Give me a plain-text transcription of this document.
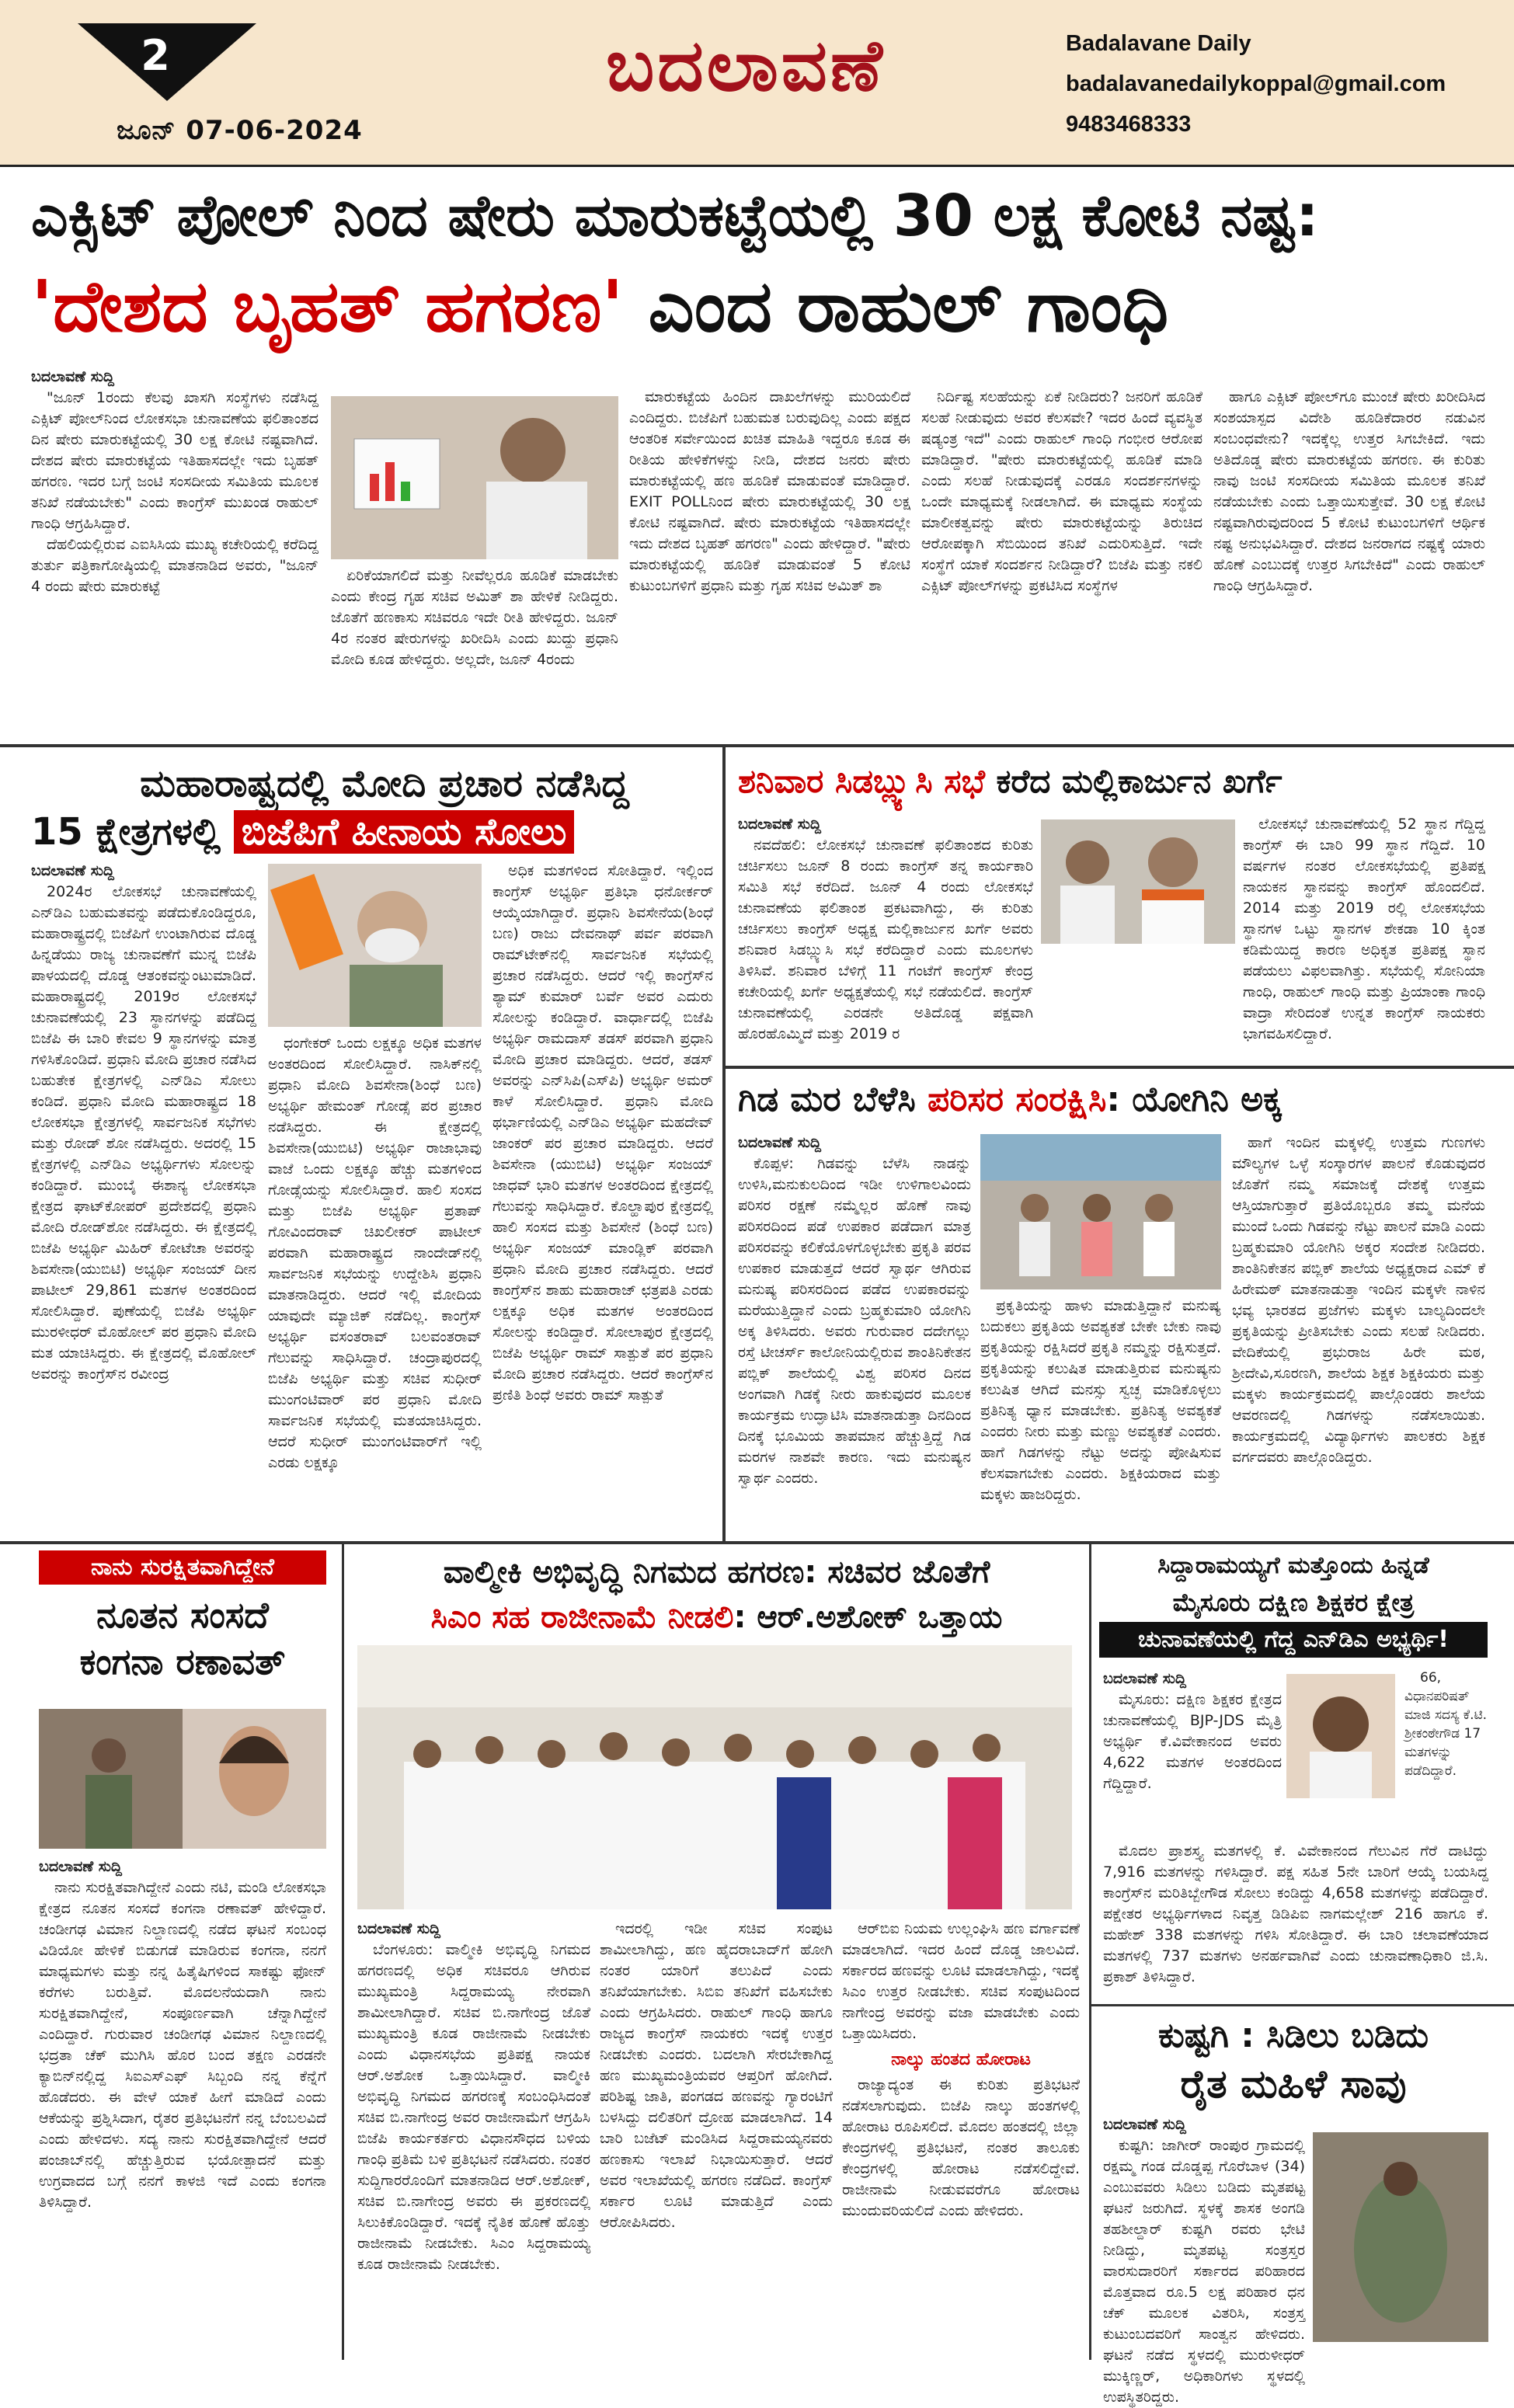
2
ಜೂನ್ 07-06-2024
ಬದಲಾವಣೆ	Badalavane Daily
badalavanedailykoppal@gmail.com
9483468333
ಎಕ್ಸಿಟ್ ಪೋಲ್ ನಿಂದ ಷೇರು ಮಾರುಕಟ್ಟೆಯಲ್ಲಿ 30 ಲಕ್ಷ ಕೋಟಿ ನಷ್ಟ:
'ದೇಶದ ಬೃಹತ್ ಹಗರಣ' ಎಂದ ರಾಹುಲ್ ಗಾಂಧಿ
ಬದಲಾವಣೆ ಸುದ್ದಿ

"ಜೂನ್ 1ರಂದು ಕೆಲವು ಖಾಸಗಿ ಸಂಸ್ಥೆಗಳು ನಡೆಸಿದ್ದ ಎಕ್ಸಿಟ್ ಪೋಲ್‌ನಿಂದ ಲೋಕಸಭಾ ಚುನಾವಣೆಯ ಫಲಿತಾಂಶದ ದಿನ ಷೇರು ಮಾರುಕಟ್ಟೆಯಲ್ಲಿ 30 ಲಕ್ಷ ಕೋಟಿ ನಷ್ಟವಾಗಿದೆ. ದೇಶದ ಷೇರು ಮಾರುಕಟ್ಟೆಯ ಇತಿಹಾಸದಲ್ಲೇ ಇದು ಬೃಹತ್ ಹಗರಣ. ಇದರ ಬಗ್ಗೆ ಜಂಟಿ ಸಂಸದೀಯ ಸಮಿತಿಯ ಮೂಲಕ ತನಿಖೆ ನಡೆಯಬೇಕು" ಎಂದು ಕಾಂಗ್ರೆಸ್ ಮುಖಂಡ ರಾಹುಲ್ ಗಾಂಧಿ ಆಗ್ರಹಿಸಿದ್ದಾರೆ.

ದೆಹಲಿಯಲ್ಲಿರುವ ಎಐಸಿಸಿಯ ಮುಖ್ಯ ಕಚೇರಿಯಲ್ಲಿ ಕರೆದಿದ್ದ ತುರ್ತು ಪತ್ರಿಕಾಗೋಷ್ಠಿಯಲ್ಲಿ ಮಾತನಾಡಿದ ಅವರು, "ಜೂನ್ 4 ರಂದು ಷೇರು ಮಾರುಕಟ್ಟೆ

ಏರಿಕೆಯಾಗಲಿದೆ ಮತ್ತು ನೀವೆಲ್ಲರೂ ಹೂಡಿಕೆ ಮಾಡಬೇಕು ಎಂದು ಕೇಂದ್ರ ಗೃಹ ಸಚಿವ ಅಮಿತ್ ಶಾ ಹೇಳಿಕೆ ನೀಡಿದ್ದರು. ಜೊತೆಗೆ ಹಣಕಾಸು ಸಚಿವರೂ ಇದೇ ರೀತಿ ಹೇಳಿದ್ದರು. ಜೂನ್ 4ರ ನಂತರ ಷೇರುಗಳನ್ನು ಖರೀದಿಸಿ ಎಂದು ಖುದ್ದು ಪ್ರಧಾನಿ ಮೋದಿ ಕೂಡ ಹೇಳಿದ್ದರು. ಅಲ್ಲದೇ, ಜೂನ್ 4ರಂದು

ಮಾರುಕಟ್ಟೆಯ ಹಿಂದಿನ ದಾಖಲೆಗಳನ್ನು ಮುರಿಯಲಿದೆ ಎಂದಿದ್ದರು. ಬಿಜೆಪಿಗೆ ಬಹುಮತ ಬರುವುದಿಲ್ಲ ಎಂದು ಪಕ್ಷದ ಆಂತರಿಕ ಸರ್ವೇಯಿಂದ ಖಚಿತ ಮಾಹಿತಿ ಇದ್ದರೂ ಕೂಡ ಈ ರೀತಿಯ ಹೇಳಿಕೆಗಳನ್ನು ನೀಡಿ, ದೇಶದ ಜನರು ಷೇರು ಮಾರುಕಟ್ಟೆಯಲ್ಲಿ ಹಣ ಹೂಡಿಕೆ ಮಾಡುವಂತೆ ಮಾಡಿದ್ದಾರೆ. EXIT POLLನಿಂದ ಷೇರು ಮಾರುಕಟ್ಟೆಯಲ್ಲಿ 30 ಲಕ್ಷ ಕೋಟಿ ನಷ್ಟವಾಗಿದೆ. ಷೇರು ಮಾರುಕಟ್ಟೆಯ ಇತಿಹಾಸದಲ್ಲೇ ಇದು ದೇಶದ ಬೃಹತ್ ಹಗರಣ" ಎಂದು ಹೇಳಿದ್ದಾರೆ. "ಷೇರು ಮಾರುಕಟ್ಟೆಯಲ್ಲಿ ಹೂಡಿಕೆ ಮಾಡುವಂತೆ 5 ಕೋಟಿ ಕುಟುಂಬಗಳಿಗೆ ಪ್ರಧಾನಿ ಮತ್ತು ಗೃಹ ಸಚಿವ ಅಮಿತ್ ಶಾ

ನಿರ್ದಿಷ್ಟ ಸಲಹೆಯನ್ನು ಏಕೆ ನೀಡಿದರು? ಜನರಿಗೆ ಹೂಡಿಕೆ ಸಲಹೆ ನೀಡುವುದು ಅವರ ಕೆಲಸವೇ? ಇದರ ಹಿಂದೆ ವ್ಯವಸ್ಥಿತ ಷಡ್ಯಂತ್ರ ಇದೆ" ಎಂದು ರಾಹುಲ್ ಗಾಂಧಿ ಗಂಭೀರ ಆರೋಪ ಮಾಡಿದ್ದಾರೆ. "ಷೇರು ಮಾರುಕಟ್ಟೆಯಲ್ಲಿ ಹೂಡಿಕೆ ಮಾಡಿ ಎಂದು ಸಲಹೆ ನೀಡುವುದಕ್ಕೆ ಎರಡೂ ಸಂದರ್ಶನಗಳನ್ನು ಒಂದೇ ಮಾಧ್ಯಮಕ್ಕೆ ನೀಡಲಾಗಿದೆ. ಈ ಮಾಧ್ಯಮ ಸಂಸ್ಥೆಯ ಮಾಲೀಕತ್ವವನ್ನು ಷೇರು ಮಾರುಕಟ್ಟೆಯನ್ನು ತಿರುಚಿದ ಆರೋಪಕ್ಕಾಗಿ ಸೆಬಿಯಿಂದ ತನಿಖೆ ಎದುರಿಸುತ್ತಿದೆ. ಇದೇ ಸಂಸ್ಥೆಗೆ ಯಾಕೆ ಸಂದರ್ಶನ ನೀಡಿದ್ದಾರೆ? ಬಿಜೆಪಿ ಮತ್ತು ನಕಲಿ ಎಕ್ಸಿಟ್ ಪೋಲ್‌ಗಳನ್ನು ಪ್ರಕಟಿಸಿದ ಸಂಸ್ಥೆಗಳ

ಹಾಗೂ ಎಕ್ಸಿಟ್ ಪೋಲ್‌ಗೂ ಮುಂಚೆ ಷೇರು ಖರೀದಿಸಿದ ಸಂಶಯಾಸ್ಪದ ವಿದೇಶಿ ಹೂಡಿಕೆದಾರರ ನಡುವಿನ ಸಂಬಂಧವೇನು? ಇದಕ್ಕೆಲ್ಲ ಉತ್ತರ ಸಿಗಬೇಕಿದೆ. ಇದು ಅತಿದೊಡ್ಡ ಷೇರು ಮಾರುಕಟ್ಟೆಯ ಹಗರಣ. ಈ ಕುರಿತು ನಾವು ಜಂಟಿ ಸಂಸದೀಯ ಸಮಿತಿಯ ಮೂಲಕ ತನಿಖೆ ನಡೆಯಬೇಕು ಎಂದು ಒತ್ತಾಯಿಸುತ್ತೇವೆ. 30 ಲಕ್ಷ ಕೋಟಿ ನಷ್ಟವಾಗಿರುವುದರಿಂದ 5 ಕೋಟಿ ಕುಟುಂಬಗಳಿಗೆ ಆರ್ಥಿಕ ನಷ್ಟ ಅನುಭವಿಸಿದ್ದಾರೆ. ದೇಶದ ಜನರಾಗದ ನಷ್ಟಕ್ಕೆ ಯಾರು ಹೊಣೆ ಎಂಬುದಕ್ಕೆ ಉತ್ತರ ಸಿಗಬೇಕಿದೆ" ಎಂದು ರಾಹುಲ್ ಗಾಂಧಿ ಆಗ್ರಹಿಸಿದ್ದಾರೆ.

ಮಹಾರಾಷ್ಟ್ರದಲ್ಲಿ ಮೋದಿ ಪ್ರಚಾರ ನಡೆಸಿದ್ದ
15 ಕ್ಷೇತ್ರಗಳಲ್ಲಿ ಬಿಜೆಪಿಗೆ ಹೀನಾಯ ಸೋಲು
ಬದಲಾವಣೆ ಸುದ್ದಿ

2024ರ ಲೋಕಸಭೆ ಚುನಾವಣೆಯಲ್ಲಿ ಎನ್‌ಡಿಎ ಬಹುಮತವನ್ನು ಪಡೆದುಕೊಂಡಿದ್ದರೂ, ಮಹಾರಾಷ್ಟ್ರದಲ್ಲಿ ಬಿಜೆಪಿಗೆ ಉಂಟಾಗಿರುವ ದೊಡ್ಡ ಹಿನ್ನಡೆಯು ರಾಜ್ಯ ಚುನಾವಣೆಗೆ ಮುನ್ನ ಬಿಜೆಪಿ ಪಾಳಯದಲ್ಲಿ ದೊಡ್ಡ ಆತಂಕವನ್ನುಂಟುಮಾಡಿದೆ. ಮಹಾರಾಷ್ಟ್ರದಲ್ಲಿ 2019ರ ಲೋಕಸಭೆ ಚುನಾವಣೆಯಲ್ಲಿ 23 ಸ್ಥಾನಗಳನ್ನು ಪಡೆದಿದ್ದ ಬಿಜೆಪಿ ಈ ಬಾರಿ ಕೇವಲ 9 ಸ್ಥಾನಗಳನ್ನು ಮಾತ್ರ ಗಳಿಸಿಕೊಂಡಿದೆ. ಪ್ರಧಾನಿ ಮೋದಿ ಪ್ರಚಾರ ನಡೆಸಿದ ಬಹುತೇಕ ಕ್ಷೇತ್ರಗಳಲ್ಲಿ ಎನ್‌ಡಿಎ ಸೋಲು ಕಂಡಿದೆ. ಪ್ರಧಾನಿ ಮೋದಿ ಮಹಾರಾಷ್ಟ್ರದ 18 ಲೋಕಸಭಾ ಕ್ಷೇತ್ರಗಳಲ್ಲಿ ಸಾರ್ವಜನಿಕ ಸಭೆಗಳು ಮತ್ತು ರೋಡ್ ಶೋ ನಡೆಸಿದ್ದರು. ಅದರಲ್ಲಿ 15 ಕ್ಷೇತ್ರಗಳಲ್ಲಿ ಎನ್‌ಡಿಎ ಅಭ್ಯರ್ಥಿಗಳು ಸೋಲನ್ನು ಕಂಡಿದ್ದಾರೆ. ಮುಂಬೈ ಈಶಾನ್ಯ ಲೋಕಸಭಾ ಕ್ಷೇತ್ರದ ಘಾಟ್‌ಕೋಪರ್ ಪ್ರದೇಶದಲ್ಲಿ ಪ್ರಧಾನಿ ಮೋದಿ ರೋಡ್‌ಶೋ ನಡೆಸಿದ್ದರು. ಈ ಕ್ಷೇತ್ರದಲ್ಲಿ ಬಿಜೆಪಿ ಅಭ್ಯರ್ಥಿ ಮಿಹಿರ್ ಕೋಟೆಚಾ ಅವರನ್ನು ಶಿವಸೇನಾ(ಯುಬಿಟಿ) ಅಭ್ಯರ್ಥಿ ಸಂಜಯ್ ದೀನ ಪಾಟೀಲ್ 29,861 ಮತಗಳ ಅಂತರದಿಂದ ಸೋಲಿಸಿದ್ದಾರೆ. ಪುಣೆಯಲ್ಲಿ ಬಿಜೆಪಿ ಅಭ್ಯರ್ಥಿ ಮುರಳೀಧರ್ ಮೊಹೋಲ್ ಪರ ಪ್ರಧಾನಿ ಮೋದಿ ಮತ ಯಾಚಿಸಿದ್ದರು. ಈ ಕ್ಷೇತ್ರದಲ್ಲಿ ಮೊಹೋಲ್ ಅವರನ್ನು ಕಾಂಗ್ರೆಸ್‌ನ ರವೀಂದ್ರ

ಧಂಗೇಕರ್ ಒಂದು ಲಕ್ಷಕ್ಕೂ ಅಧಿಕ ಮತಗಳ ಅಂತರದಿಂದ ಸೋಲಿಸಿದ್ದಾರೆ. ನಾಸಿಕ್‌ನಲ್ಲಿ ಪ್ರಧಾನಿ ಮೋದಿ ಶಿವಸೇನಾ(ಶಿಂಧೆ ಬಣ) ಅಭ್ಯರ್ಥಿ ಹೇಮಂತ್ ಗೋಡ್ಸೆ ಪರ ಪ್ರಚಾರ ನಡೆಸಿದ್ದರು. ಈ ಕ್ಷೇತ್ರದಲ್ಲಿ ಶಿವಸೇನಾ(ಯುಬಿಟಿ) ಅಭ್ಯರ್ಥಿ ರಾಜಾಭಾವು ವಾಜೆ ಒಂದು ಲಕ್ಷಕ್ಕೂ ಹೆಚ್ಚು ಮತಗಳಿಂದ ಗೋಡ್ಸೆಯನ್ನು ಸೋಲಿಸಿದ್ದಾರೆ. ಹಾಲಿ ಸಂಸದ ಮತ್ತು ಬಿಜೆಪಿ ಅಭ್ಯರ್ಥಿ ಪ್ರತಾಪ್ ಗೋವಿಂದರಾವ್ ಚಿಖಲೀಕರ್ ಪಾಟೀಲ್ ಪರವಾಗಿ ಮಹಾರಾಷ್ಟ್ರದ ನಾಂದೇಡ್‌ನಲ್ಲಿ ಸಾರ್ವಜನಿಕ ಸಭೆಯನ್ನು ಉದ್ದೇಶಿಸಿ ಪ್ರಧಾನಿ ಮಾತನಾಡಿದ್ದರು. ಆದರೆ ಇಲ್ಲಿ ಮೋದಿಯ ಯಾವುದೇ ಮ್ಯಾಜಿಕ್ ನಡೆದಿಲ್ಲ. ಕಾಂಗ್ರೆಸ್ ಅಭ್ಯರ್ಥಿ ವಸಂತರಾವ್ ಬಲವಂತರಾವ್ ಗೆಲುವನ್ನು ಸಾಧಿಸಿದ್ದಾರೆ. ಚಂದ್ರಾಪುರದಲ್ಲಿ ಬಿಜೆಪಿ ಅಭ್ಯರ್ಥಿ ಮತ್ತು ಸಚಿವ ಸುಧೀರ್ ಮುಂಗಂಟಿವಾರ್ ಪರ ಪ್ರಧಾನಿ ಮೋದಿ ಸಾರ್ವಜನಿಕ ಸಭೆಯಲ್ಲಿ ಮತಯಾಚಿಸಿದ್ದರು. ಆದರೆ ಸುಧೀರ್ ಮುಂಗಂಟಿವಾರ್‌ಗೆ ಇಲ್ಲಿ ಎರಡು ಲಕ್ಷಕ್ಕೂ

ಅಧಿಕ ಮತಗಳಿಂದ ಸೋತಿದ್ದಾರೆ. ಇಲ್ಲಿಂದ ಕಾಂಗ್ರೆಸ್ ಅಭ್ಯರ್ಥಿ ಪ್ರತಿಭಾ ಧನೋರ್ಕರ್ ಆಯ್ಕೆಯಾಗಿದ್ದಾರೆ. ಪ್ರಧಾನಿ ಶಿವಸೇನೆಯ(ಶಿಂಧೆ ಬಣ) ರಾಜು ದೇವನಾಥ್ ಪರ್ವ ಪರವಾಗಿ ರಾಮ್‌ಟೇಕ್‌ನಲ್ಲಿ ಸಾರ್ವಜನಿಕ ಸಭೆಯಲ್ಲಿ ಪ್ರಚಾರ ನಡೆಸಿದ್ದರು. ಆದರೆ ಇಲ್ಲಿ ಕಾಂಗ್ರೆಸ್‌ನ ಶ್ಯಾಮ್ ಕುಮಾರ್ ಬರ್ವೆ ಅವರ ಎದುರು ಸೋಲನ್ನು ಕಂಡಿದ್ದಾರೆ. ವಾರ್ಧಾದಲ್ಲಿ ಬಿಜೆಪಿ ಅಭ್ಯರ್ಥಿ ರಾಮದಾಸ್ ತಡಸ್ ಪರವಾಗಿ ಪ್ರಧಾನಿ ಮೋದಿ ಪ್ರಚಾರ ಮಾಡಿದ್ದರು. ಆದರೆ, ತಡಸ್ ಅವರನ್ನು ಎನ್‌ಸಿಪಿ(ಎಸ್‌ಪಿ) ಅಭ್ಯರ್ಥಿ ಅಮರ್ ಕಾಳೆ ಸೋಲಿಸಿದ್ದಾರೆ. ಪ್ರಧಾನಿ ಮೋದಿ ಥರ್ಭಾಣಿಯಲ್ಲಿ ಎನ್‌ಡಿಎ ಅಭ್ಯರ್ಥಿ ಮಹದೇವ್ ಜಾಂಕರ್ ಪರ ಪ್ರಚಾರ ಮಾಡಿದ್ದರು. ಆದರೆ ಶಿವಸೇನಾ (ಯುಬಿಟಿ) ಅಭ್ಯರ್ಥಿ ಸಂಜಯ್ ಜಾಧವ್ ಭಾರಿ ಮತಗಳ ಅಂತರದಿಂದ ಕ್ಷೇತ್ರದಲ್ಲಿ ಗೆಲುವನ್ನು ಸಾಧಿಸಿದ್ದಾರೆ. ಕೊಲ್ಹಾಪುರ ಕ್ಷೇತ್ರದಲ್ಲಿ ಹಾಲಿ ಸಂಸದ ಮತ್ತು ಶಿವಸೇನೆ (ಶಿಂಧೆ ಬಣ) ಅಭ್ಯರ್ಥಿ ಸಂಜಯ್ ಮಾಂಡ್ಲಿಕ್ ಪರವಾಗಿ ಪ್ರಧಾನಿ ಮೋದಿ ಪ್ರಚಾರ ನಡೆಸಿದ್ದರು. ಆದರೆ ಕಾಂಗ್ರೆಸ್‌ನ ಶಾಹು ಮಹಾರಾಜ್ ಛತ್ರಪತಿ ಎರಡು ಲಕ್ಷಕ್ಕೂ ಅಧಿಕ ಮತಗಳ ಅಂತರದಿಂದ ಸೋಲನ್ನು ಕಂಡಿದ್ದಾರೆ. ಸೋಲಾಪುರ ಕ್ಷೇತ್ರದಲ್ಲಿ ಬಿಜೆಪಿ ಅಭ್ಯರ್ಥಿ ರಾಮ್ ಸಾತ್ಪುತೆ ಪರ ಪ್ರಧಾನಿ ಮೋದಿ ಪ್ರಚಾರ ನಡೆಸಿದ್ದರು. ಆದರೆ ಕಾಂಗ್ರೆಸ್‌ನ ಪ್ರಣಿತಿ ಶಿಂಧೆ ಅವರು ರಾಮ್ ಸಾತ್ಪುತೆ

ಶನಿವಾರ ಸಿಡಬ್ಲ್ಯುಸಿ ಸಭೆ ಕರೆದ ಮಲ್ಲಿಕಾರ್ಜುನ ಖರ್ಗೆ
ಬದಲಾವಣೆ ಸುದ್ದಿ

ನವದೆಹಲಿ: ಲೋಕಸಭೆ ಚುನಾವಣೆ ಫಲಿತಾಂಶದ ಕುರಿತು ಚರ್ಚಿಸಲು ಜೂನ್ 8 ರಂದು ಕಾಂಗ್ರೆಸ್ ತನ್ನ ಕಾರ್ಯಕಾರಿ ಸಮಿತಿ ಸಭೆ ಕರೆದಿದೆ. ಜೂನ್ 4 ರಂದು ಲೋಕಸಭೆ ಚುನಾವಣೆಯ ಫಲಿತಾಂಶ ಪ್ರಕಟವಾಗಿದ್ದು, ಈ ಕುರಿತು ಚರ್ಚಿಸಲು ಕಾಂಗ್ರೆಸ್ ಅಧ್ಯಕ್ಷ ಮಲ್ಲಿಕಾರ್ಜುನ ಖರ್ಗೆ ಅವರು ಶನಿವಾರ ಸಿಡಬ್ಲ್ಯುಸಿ ಸಭೆ ಕರೆದಿದ್ದಾರೆ ಎಂದು ಮೂಲಗಳು ತಿಳಿಸಿವೆ. ಶನಿವಾರ ಬೆಳಿಗ್ಗೆ 11 ಗಂಟೆಗೆ ಕಾಂಗ್ರೆಸ್ ಕೇಂದ್ರ ಕಚೇರಿಯಲ್ಲಿ ಖರ್ಗೆ ಅಧ್ಯಕ್ಷತೆಯಲ್ಲಿ ಸಭೆ ನಡೆಯಲಿದೆ. ಕಾಂಗ್ರೆಸ್ ಚುನಾವಣೆಯಲ್ಲಿ ಎರಡನೇ ಅತಿದೊಡ್ಡ ಪಕ್ಷವಾಗಿ ಹೊರಹೊಮ್ಮಿದೆ ಮತ್ತು 2019 ರ

ಲೋಕಸಭೆ ಚುನಾವಣೆಯಲ್ಲಿ 52 ಸ್ಥಾನ ಗೆದ್ದಿದ್ದ ಕಾಂಗ್ರೆಸ್ ಈ ಬಾರಿ 99 ಸ್ಥಾನ ಗೆದ್ದಿದೆ. 10 ವರ್ಷಗಳ ನಂತರ ಲೋಕಸಭೆಯಲ್ಲಿ ಪ್ರತಿಪಕ್ಷ ನಾಯಕನ ಸ್ಥಾನವನ್ನು ಕಾಂಗ್ರೆಸ್ ಹೊಂದಲಿದೆ. 2014 ಮತ್ತು 2019 ರಲ್ಲಿ ಲೋಕಸಭೆಯ ಸ್ಥಾನಗಳ ಒಟ್ಟು ಸ್ಥಾನಗಳ ಶೇಕಡಾ 10 ಕ್ಕಿಂತ ಕಡಿಮೆಯಿದ್ದ ಕಾರಣ ಅಧಿಕೃತ ಪ್ರತಿಪಕ್ಷ ಸ್ಥಾನ ಪಡೆಯಲು ವಿಫಲವಾಗಿತ್ತು. ಸಭೆಯಲ್ಲಿ ಸೋನಿಯಾ ಗಾಂಧಿ, ರಾಹುಲ್ ಗಾಂಧಿ ಮತ್ತು ಪ್ರಿಯಾಂಕಾ ಗಾಂಧಿ ವಾದ್ರಾ ಸೇರಿದಂತೆ ಉನ್ನತ ಕಾಂಗ್ರೆಸ್ ನಾಯಕರು ಭಾಗವಹಿಸಲಿದ್ದಾರೆ.

ಗಿಡ ಮರ ಬೆಳೆಸಿ ಪರಿಸರ ಸಂರಕ್ಷಿಸಿ: ಯೋಗಿನಿ ಅಕ್ಕ
ಬದಲಾವಣೆ ಸುದ್ದಿ

ಕೊಪ್ಪಳ: ಗಿಡವನ್ನು ಬೆಳೆಸಿ ನಾಡನ್ನು ಉಳಿಸಿ,ಮನುಕುಲದಿಂದ ಇಡೀ ಉಳಿಗಾಲವಿಂದು ಪರಿಸರ ರಕ್ಷಣೆ ನಮ್ಮೆಲ್ಲರ ಹೊಣೆ ನಾವು ಪರಿಸರದಿಂದ ಪಡೆ ಉಪಕಾರ ಪಡೆದಾಗ ಮಾತ್ರ ಪರಿಸರವನ್ನು ಕಲಿಕೆಯೊಳಗೊಳ್ಳಬೇಕು ಪ್ರಕೃತಿ ಪರವ ಉಪಕಾರ ಮಾಡುತ್ತದೆ ಆದರೆ ಸ್ವಾರ್ಥ ಆಗಿರುವ ಮನುಷ್ಯ ಪರಿಸರದಿಂದ ಪಡೆದ ಉಪಕಾರವನ್ನು ಮರೆಯುತ್ತಿದ್ದಾನೆ ಎಂದು ಬ್ರಹ್ಮಕುಮಾರಿ ಯೋಗಿನಿ ಅಕ್ಕ ತಿಳಿಸಿದರು. ಅವರು ಗುರುವಾರ ದದೇಗಲ್ಲು ರಸ್ತೆ ಟೀಚರ್ಸ್ ಕಾಲೋನಿಯಲ್ಲಿರುವ ಶಾಂತಿನಿಕೇತನ ಪಬ್ಲಿಕ್ ಶಾಲೆಯಲ್ಲಿ ವಿಶ್ವ ಪರಿಸರ ದಿನದ ಅಂಗವಾಗಿ ಗಿಡಕ್ಕೆ ನೀರು ಹಾಕುವುದರ ಮೂಲಕ ಕಾರ್ಯಕ್ರಮ ಉದ್ಘಾಟಿಸಿ ಮಾತನಾಡುತ್ತಾ ದಿನದಿಂದ ದಿನಕ್ಕೆ ಭೂಮಿಯ ತಾಪಮಾನ ಹೆಚ್ಚುತ್ತಿದ್ದೆ ಗಿಡ ಮರಗಳ ನಾಶವೇ ಕಾರಣ. ಇದು ಮನುಷ್ಯನ ಸ್ವಾರ್ಥ ಎಂದರು.

ಪ್ರಕೃತಿಯನ್ನು ಹಾಳು ಮಾಡುತ್ತಿದ್ದಾನೆ ಮನುಷ್ಯ ಬದುಕಲು ಪ್ರಕೃತಿಯ ಅವಶ್ಯಕತೆ ಬೇಕೇ ಬೇಕು ನಾವು ಪ್ರಕೃತಿಯನ್ನು ರಕ್ಷಿಸಿದರೆ ಪ್ರಕೃತಿ ನಮ್ಮನ್ನು ರಕ್ಷಿಸುತ್ತದೆ. ಪ್ರಕೃತಿಯನ್ನು ಕಲುಷಿತ ಮಾಡುತ್ತಿರುವ ಮನುಷ್ಯನು ಕಲುಷಿತ ಆಗಿದೆ ಮನಸ್ಸು ಸ್ವಚ್ಛ ಮಾಡಿಕೊಳ್ಳಲು ಪ್ರತಿನಿತ್ಯ ಧ್ಯಾನ ಮಾಡಬೇಕು. ಪ್ರತಿನಿತ್ಯ ಅವಶ್ಯಕತೆ ಎಂದರು ನೀರು ಮತ್ತು ಮಣ್ಣು ಅವಶ್ಯಕತೆ ಎಂದರು. ಹಾಗೆ ಗಿಡಗಳನ್ನು ನೆಟ್ಟು ಅದನ್ನು ಪೋಷಿಸುವ ಕೆಲಸವಾಗಬೇಕು ಎಂದರು. ಶಿಕ್ಷಕಿಯರಾದ ಮತ್ತು ಮಕ್ಕಳು ಹಾಜರಿದ್ದರು.

ಹಾಗೆ ಇಂದಿನ ಮಕ್ಕಳಲ್ಲಿ ಉತ್ತಮ ಗುಣಗಳು ಮೌಲ್ಯಗಳ ಒಳ್ಳೆ ಸಂಸ್ಕಾರಗಳ ಪಾಲನೆ ಕೊಡುವುದರ ಜೊತೆಗೆ ನಮ್ಮ ಸಮಾಜಕ್ಕೆ ದೇಶಕ್ಕೆ ಉತ್ತಮ ಆಸ್ತಿಯಾಗುತ್ತಾರೆ ಪ್ರತಿಯೊಬ್ಬರೂ ತಮ್ಮ ಮನೆಯ ಮುಂದೆ ಒಂದು ಗಿಡವನ್ನು ನೆಟ್ಟು ಪಾಲನೆ ಮಾಡಿ ಎಂದು ಬ್ರಹ್ಮಕುಮಾರಿ ಯೋಗಿನಿ ಅಕ್ಕರ ಸಂದೇಶ ನೀಡಿದರು. ಶಾಂತಿನಿಕೇತನ ಪಬ್ಲಿಕ್ ಶಾಲೆಯ ಅಧ್ಯಕ್ಷರಾದ ಎಮ್ ಕೆ ಹಿರೇಮಠ್ ಮಾತನಾಡುತ್ತಾ ಇಂದಿನ ಮಕ್ಕಳೇ ನಾಳಿನ ಭವ್ಯ ಭಾರತದ ಪ್ರಜೆಗಳು ಮಕ್ಕಳು ಬಾಲ್ಯದಿಂದಲೇ ಪ್ರಕೃತಿಯನ್ನು ಪ್ರೀತಿಸಬೇಕು ಎಂದು ಸಲಹೆ ನೀಡಿದರು. ವೇದಿಕೆಯಲ್ಲಿ ಪ್ರಭುರಾಜ ಹಿರೇ ಮಠ, ಶ್ರೀದೇವಿ,ಸೂರಣಗಿ, ಶಾಲೆಯ ಶಿಕ್ಷಕ ಶಿಕ್ಷಕಿಯರು ಮತ್ತು ಮಕ್ಕಳು ಕಾರ್ಯಕ್ರಮದಲ್ಲಿ ಪಾಲ್ಗೊಂಡರು ಶಾಲೆಯ ಆವರಣದಲ್ಲಿ ಗಿಡಗಳನ್ನು ನಡೆಸಲಾಯಿತು. ಕಾರ್ಯಕ್ರಮದಲ್ಲಿ ವಿದ್ಯಾರ್ಥಿಗಳು ಪಾಲಕರು ಶಿಕ್ಷಕ ವರ್ಗದವರು ಪಾಲ್ಗೊಂಡಿದ್ದರು.

ನಾನು ಸುರಕ್ಷಿತವಾಗಿದ್ದೇನೆ
ನೂತನ ಸಂಸದೆ
ಕಂಗನಾ ರಣಾವತ್
ಬದಲಾವಣೆ ಸುದ್ದಿ

ನಾನು ಸುರಕ್ಷಿತವಾಗಿದ್ದೇನೆ ಎಂದು ನಟಿ, ಮಂಡಿ ಲೋಕಸಭಾ ಕ್ಷೇತ್ರದ ನೂತನ ಸಂಸದೆ ಕಂಗನಾ ರಣಾವತ್ ಹೇಳಿದ್ದಾರೆ. ಚಂಡೀಗಢ ವಿಮಾನ ನಿಲ್ದಾಣದಲ್ಲಿ ನಡೆದ ಘಟನೆ ಸಂಬಂಧ ವಿಡಿಯೋ ಹೇಳಿಕೆ ಬಿಡುಗಡೆ ಮಾಡಿರುವ ಕಂಗನಾ, ನನಗೆ ಮಾಧ್ಯಮಗಳು ಮತ್ತು ನನ್ನ ಹಿತೈಷಿಗಳಿಂದ ಸಾಕಷ್ಟು ಫೋನ್ ಕರೆಗಳು ಬರುತ್ತಿವೆ. ಮೊದಲನೆಯದಾಗಿ ನಾನು ಸುರಕ್ಷಿತವಾಗಿದ್ದೇನೆ, ಸಂಪೂರ್ಣವಾಗಿ ಚೆನ್ನಾಗಿದ್ದೇನೆ ಎಂದಿದ್ದಾರೆ. ಗುರುವಾರ ಚಂಡೀಗಢ ವಿಮಾನ ನಿಲ್ದಾಣದಲ್ಲಿ ಭದ್ರತಾ ಚೆಕ್ ಮುಗಿಸಿ ಹೊರ ಬಂದ ತಕ್ಷಣ ಎರಡನೇ ಕ್ಯಾಬಿನ್‌ನಲ್ಲಿದ್ದ ಸಿಐಎಸ್‌ಎಫ್ ಸಿಬ್ಬಂದಿ ನನ್ನ ಕೆನ್ನೆಗೆ ಹೊಡೆದರು. ಈ ವೇಳೆ ಯಾಕೆ ಹೀಗೆ ಮಾಡಿದೆ ಎಂದು ಆಕೆಯನ್ನು ಪ್ರಶ್ನಿಸಿದಾಗ, ರೈತರ ಪ್ರತಿಭಟನೆಗೆ ನನ್ನ ಬೆಂಬಲವಿದೆ ಎಂದು ಹೇಳಿದಳು. ಸದ್ಯ ನಾನು ಸುರಕ್ಷಿತವಾಗಿದ್ದೇನೆ ಆದರೆ ಪಂಜಾಬ್‌ನಲ್ಲಿ ಹೆಚ್ಚುತ್ತಿರುವ ಭಯೋತ್ಪಾದನೆ ಮತ್ತು ಉಗ್ರವಾದದ ಬಗ್ಗೆ ನನಗೆ ಕಾಳಜಿ ಇದೆ ಎಂದು ಕಂಗನಾ ತಿಳಿಸಿದ್ದಾರೆ.

ವಾಲ್ಮೀಕಿ ಅಭಿವೃದ್ಧಿ ನಿಗಮದ ಹಗರಣ: ಸಚಿವರ ಜೊತೆಗೆ
ಸಿಎಂ ಸಹ ರಾಜೀನಾಮೆ ನೀಡಲಿ: ಆರ್.ಅಶೋಕ್ ಒತ್ತಾಯ
ಬದಲಾವಣೆ ಸುದ್ದಿ

ಬೆಂಗಳೂರು: ವಾಲ್ಮೀಕಿ ಅಭಿವೃದ್ಧಿ ನಿಗಮದ ಹಗರಣದಲ್ಲಿ ಅಧಿಕ ಸಚಿವರೂ ಆಗಿರುವ ಮುಖ್ಯಮಂತ್ರಿ ಸಿದ್ದರಾಮಯ್ಯ ನೇರವಾಗಿ ಶಾಮೀಲಾಗಿದ್ದಾರೆ. ಸಚಿವ ಬಿ.ನಾಗೇಂದ್ರ ಜೊತೆ ಮುಖ್ಯಮಂತ್ರಿ ಕೂಡ ರಾಜೀನಾಮೆ ನೀಡಬೇಕು ಎಂದು ವಿಧಾನಸಭೆಯ ಪ್ರತಿಪಕ್ಷ ನಾಯಕ ಆರ್.ಅಶೋಕ ಒತ್ತಾಯಿಸಿದ್ದಾರೆ. ವಾಲ್ಮೀಕಿ ಅಭಿವೃದ್ಧಿ ನಿಗಮದ ಹಗರಣಕ್ಕೆ ಸಂಬಂಧಿಸಿದಂತೆ ಸಚಿವ ಬಿ.ನಾಗೇಂದ್ರ ಅವರ ರಾಜೀನಾಮೆಗೆ ಆಗ್ರಹಿಸಿ ಬಿಜೆಪಿ ಕಾರ್ಯಕರ್ತರು ವಿಧಾನಸೌಧದ ಬಳಿಯ ಗಾಂಧಿ ಪ್ರತಿಮೆ ಬಳಿ ಪ್ರತಿಭಟನೆ ನಡೆಸಿದರು. ನಂತರ ಸುದ್ದಿಗಾರರೊಂದಿಗೆ ಮಾತನಾಡಿದ ಆರ್.ಅಶೋಕ್, ಸಚಿವ ಬಿ.ನಾಗೇಂದ್ರ ಅವರು ಈ ಪ್ರಕರಣದಲ್ಲಿ ಸಿಲುಕಿಕೊಂಡಿದ್ದಾರೆ. ಇದಕ್ಕೆ ನೈತಿಕ ಹೊಣೆ ಹೊತ್ತು ರಾಜೀನಾಮೆ ನೀಡಬೇಕು. ಸಿಎಂ ಸಿದ್ದರಾಮಯ್ಯ ಕೂಡ ರಾಜೀನಾಮೆ ನೀಡಬೇಕು.

ಇದರಲ್ಲಿ ಇಡೀ ಸಚಿವ ಸಂಪುಟ ಶಾಮೀಲಾಗಿದ್ದು, ಹಣ ಹೈದರಾಬಾದ್‌ಗೆ ಹೋಗಿ ನಂತರ ಯಾರಿಗೆ ತಲುಪಿದೆ ಎಂದು ತನಿಖೆಯಾಗಬೇಕು. ಸಿಬಿಐ ತನಿಖೆಗೆ ವಹಿಸಬೇಕು ಎಂದು ಆಗ್ರಹಿಸಿದರು. ರಾಹುಲ್ ಗಾಂಧಿ ಹಾಗೂ ರಾಜ್ಯದ ಕಾಂಗ್ರೆಸ್ ನಾಯಕರು ಇದಕ್ಕೆ ಉತ್ತರ ನೀಡಬೇಕು ಎಂದರು. ಬದಲಾಗಿ ಸೇರಬೇಕಾಗಿದ್ದ ಹಣ ಮುಖ್ಯಮಂತ್ರಿಯವರ ಆಪ್ತರಿಗೆ ಹೋಗಿದೆ. ಪರಿಶಿಷ್ಟ ಜಾತಿ, ಪಂಗಡದ ಹಣವನ್ನು ಗ್ಯಾರಂಟಿಗೆ ಬಳಸಿದ್ದು ದಲಿತರಿಗೆ ದ್ರೋಹ ಮಾಡಲಾಗಿದೆ. 14 ಬಾರಿ ಬಜೆಟ್ ಮಂಡಿಸಿದ ಸಿದ್ದರಾಮಯ್ಯನವರು ಹಣಕಾಸು ಇಲಾಖೆ ನಿಭಾಯಿಸುತ್ತಾರೆ. ಆದರೆ ಅವರ ಇಲಾಖೆಯಲ್ಲಿ ಹಗರಣ ನಡೆದಿದೆ. ಕಾಂಗ್ರೆಸ್ ಸರ್ಕಾರ ಲೂಟಿ ಮಾಡುತ್ತಿದೆ ಎಂದು ಆರೋಪಿಸಿದರು.

ಆರ್‌ಬಿಐ ನಿಯಮ ಉಲ್ಲಂಘಿಸಿ ಹಣ ವರ್ಗಾವಣೆ ಮಾಡಲಾಗಿದೆ. ಇದರ ಹಿಂದೆ ದೊಡ್ಡ ಜಾಲವಿದೆ. ಸರ್ಕಾರದ ಹಣವನ್ನು ಲೂಟಿ ಮಾಡಲಾಗಿದ್ದು, ಇದಕ್ಕೆ ಸಿಎಂ ಉತ್ತರ ನೀಡಬೇಕು. ಸಚಿವ ಸಂಪುಟದಿಂದ ನಾಗೇಂದ್ರ ಅವರನ್ನು ವಜಾ ಮಾಡಬೇಕು ಎಂದು ಒತ್ತಾಯಿಸಿದರು.

ನಾಲ್ಕು ಹಂತದ ಹೋರಾಟ

ರಾಜ್ಯಾದ್ಯಂತ ಈ ಕುರಿತು ಪ್ರತಿಭಟನೆ ನಡೆಸಲಾಗುವುದು. ಬಿಜೆಪಿ ನಾಲ್ಕು ಹಂತಗಳಲ್ಲಿ ಹೋರಾಟ ರೂಪಿಸಲಿದೆ. ಮೊದಲ ಹಂತದಲ್ಲಿ ಜಿಲ್ಲಾ ಕೇಂದ್ರಗಳಲ್ಲಿ ಪ್ರತಿಭಟನೆ, ನಂತರ ತಾಲೂಕು ಕೇಂದ್ರಗಳಲ್ಲಿ ಹೋರಾಟ ನಡೆಸಲಿದ್ದೇವೆ. ರಾಜೀನಾಮೆ ನೀಡುವವರೆಗೂ ಹೋರಾಟ ಮುಂದುವರಿಯಲಿದೆ ಎಂದು ಹೇಳಿದರು.

ಸಿದ್ದಾರಾಮಯ್ಯಗೆ ಮತ್ತೊಂದು ಹಿನ್ನಡೆ
ಮೈಸೂರು ದಕ್ಷಿಣ ಶಿಕ್ಷಕರ ಕ್ಷೇತ್ರ
ಚುನಾವಣೆಯಲ್ಲಿ ಗೆದ್ದ ಎನ್‌ಡಿಎ ಅಭ್ಯರ್ಥಿ!
ಬದಲಾವಣೆ ಸುದ್ದಿ

ಮೈಸೂರು: ದಕ್ಷಿಣ ಶಿಕ್ಷಕರ ಕ್ಷೇತ್ರದ ಚುನಾವಣೆಯಲ್ಲಿ BJP-JDS ಮೈತ್ರಿ ಅಭ್ಯರ್ಥಿ ಕೆ.ವಿವೇಕಾನಂದ ಅವರು 4,622 ಮತಗಳ ಅಂತರದಿಂದ ಗೆದ್ದಿದ್ದಾರೆ.

66, ವಿಧಾನಪರಿಷತ್ ಮಾಜಿ ಸದಸ್ಯ ಕೆ.ಟಿ. ಶ್ರೀಕಂಠೇಗೌಡ 17 ಮತಗಳನ್ನು ಪಡೆದಿದ್ದಾರೆ.

ಮೊದಲ ಪ್ರಾಶಸ್ತ್ಯ ಮತಗಳಲ್ಲಿ ಕೆ. ವಿವೇಕಾನಂದ ಗೆಲುವಿನ ಗೆರೆ ದಾಟಿದ್ದು 7,916 ಮತಗಳನ್ನು ಗಳಿಸಿದ್ದಾರೆ. ಪಕ್ಷ ಸಹಿತ 5ನೇ ಬಾರಿಗೆ ಆಯ್ಕೆ ಬಯಸಿದ್ದ ಕಾಂಗ್ರೆಸ್‌ನ ಮರಿತಿಬ್ಬೇಗೌಡ ಸೋಲು ಕಂಡಿದ್ದು 4,658 ಮತಗಳನ್ನು ಪಡೆದಿದ್ದಾರೆ. ಪಕ್ಷೇತರ ಅಭ್ಯರ್ಥಿಗಳಾದ ನಿವೃತ್ತ ಡಿಡಿಪಿಐ ನಾಗಮಲ್ಲೇಶ್ 216 ಹಾಗೂ ಕೆ. ಮಹೇಶ್ 338 ಮತಗಳನ್ನು ಗಳಿಸಿ ಸೋತಿದ್ದಾರೆ. ಈ ಬಾರಿ ಚಲಾವಣೆಯಾದ ಮತಗಳಲ್ಲಿ 737 ಮತಗಳು ಅನರ್ಹವಾಗಿವೆ ಎಂದು ಚುನಾವಣಾಧಿಕಾರಿ ಜಿ.ಸಿ. ಪ್ರಕಾಶ್ ತಿಳಿಸಿದ್ದಾರೆ.

ಕುಷ್ಟಗಿ : ಸಿಡಿಲು ಬಡಿದು
ರೈತ ಮಹಿಳೆ ಸಾವು
ಬದಲಾವಣೆ ಸುದ್ದಿ

ಕುಷ್ಟಗಿ: ಜಾಗೀರ್ ರಾಂಪುರ ಗ್ರಾಮದಲ್ಲಿ ರಕ್ಷಮ್ಮ ಗಂಡ ದೊಡ್ಡಪ್ಪ ಗೊರೆಬಾಳ (34) ಎಂಬುವವರು ಸಿಡಿಲು ಬಡಿದು ಮೃತಪಟ್ಟ ಘಟನೆ ಜರುಗಿದೆ. ಸ್ಥಳಕ್ಕೆ ಶಾಸಕ ಅಂಗಡಿ ತಹಶೀಲ್ದಾರ್ ಕುಷ್ಟಗಿ ರವರು ಭೇಟಿ ನೀಡಿದ್ದು, ಮೃತಪಟ್ಟ ಸಂತ್ರಸ್ತರ ವಾರಸುದಾರರಿಗೆ ಸರ್ಕಾರದ ಪರಿಹಾರದ ಮೊತ್ತವಾದ ರೂ.5 ಲಕ್ಷ ಪರಿಹಾರ ಧನ ಚೆಕ್ ಮೂಲಕ ವಿತರಿಸಿ, ಸಂತ್ರಸ್ತ ಕುಟುಂಬದವರಿಗೆ ಸಾಂತ್ವನ ಹೇಳಿದರು. ಘಟನೆ ನಡೆದ ಸ್ಥಳದಲ್ಲಿ ಮುರುಳೀಧರ್ ಮುಕ್ಕಿಣ್ಣರ್, ಅಧಿಕಾರಿಗಳು ಸ್ಥಳದಲ್ಲಿ ಉಪಸ್ಥಿತರಿದ್ದರು.
